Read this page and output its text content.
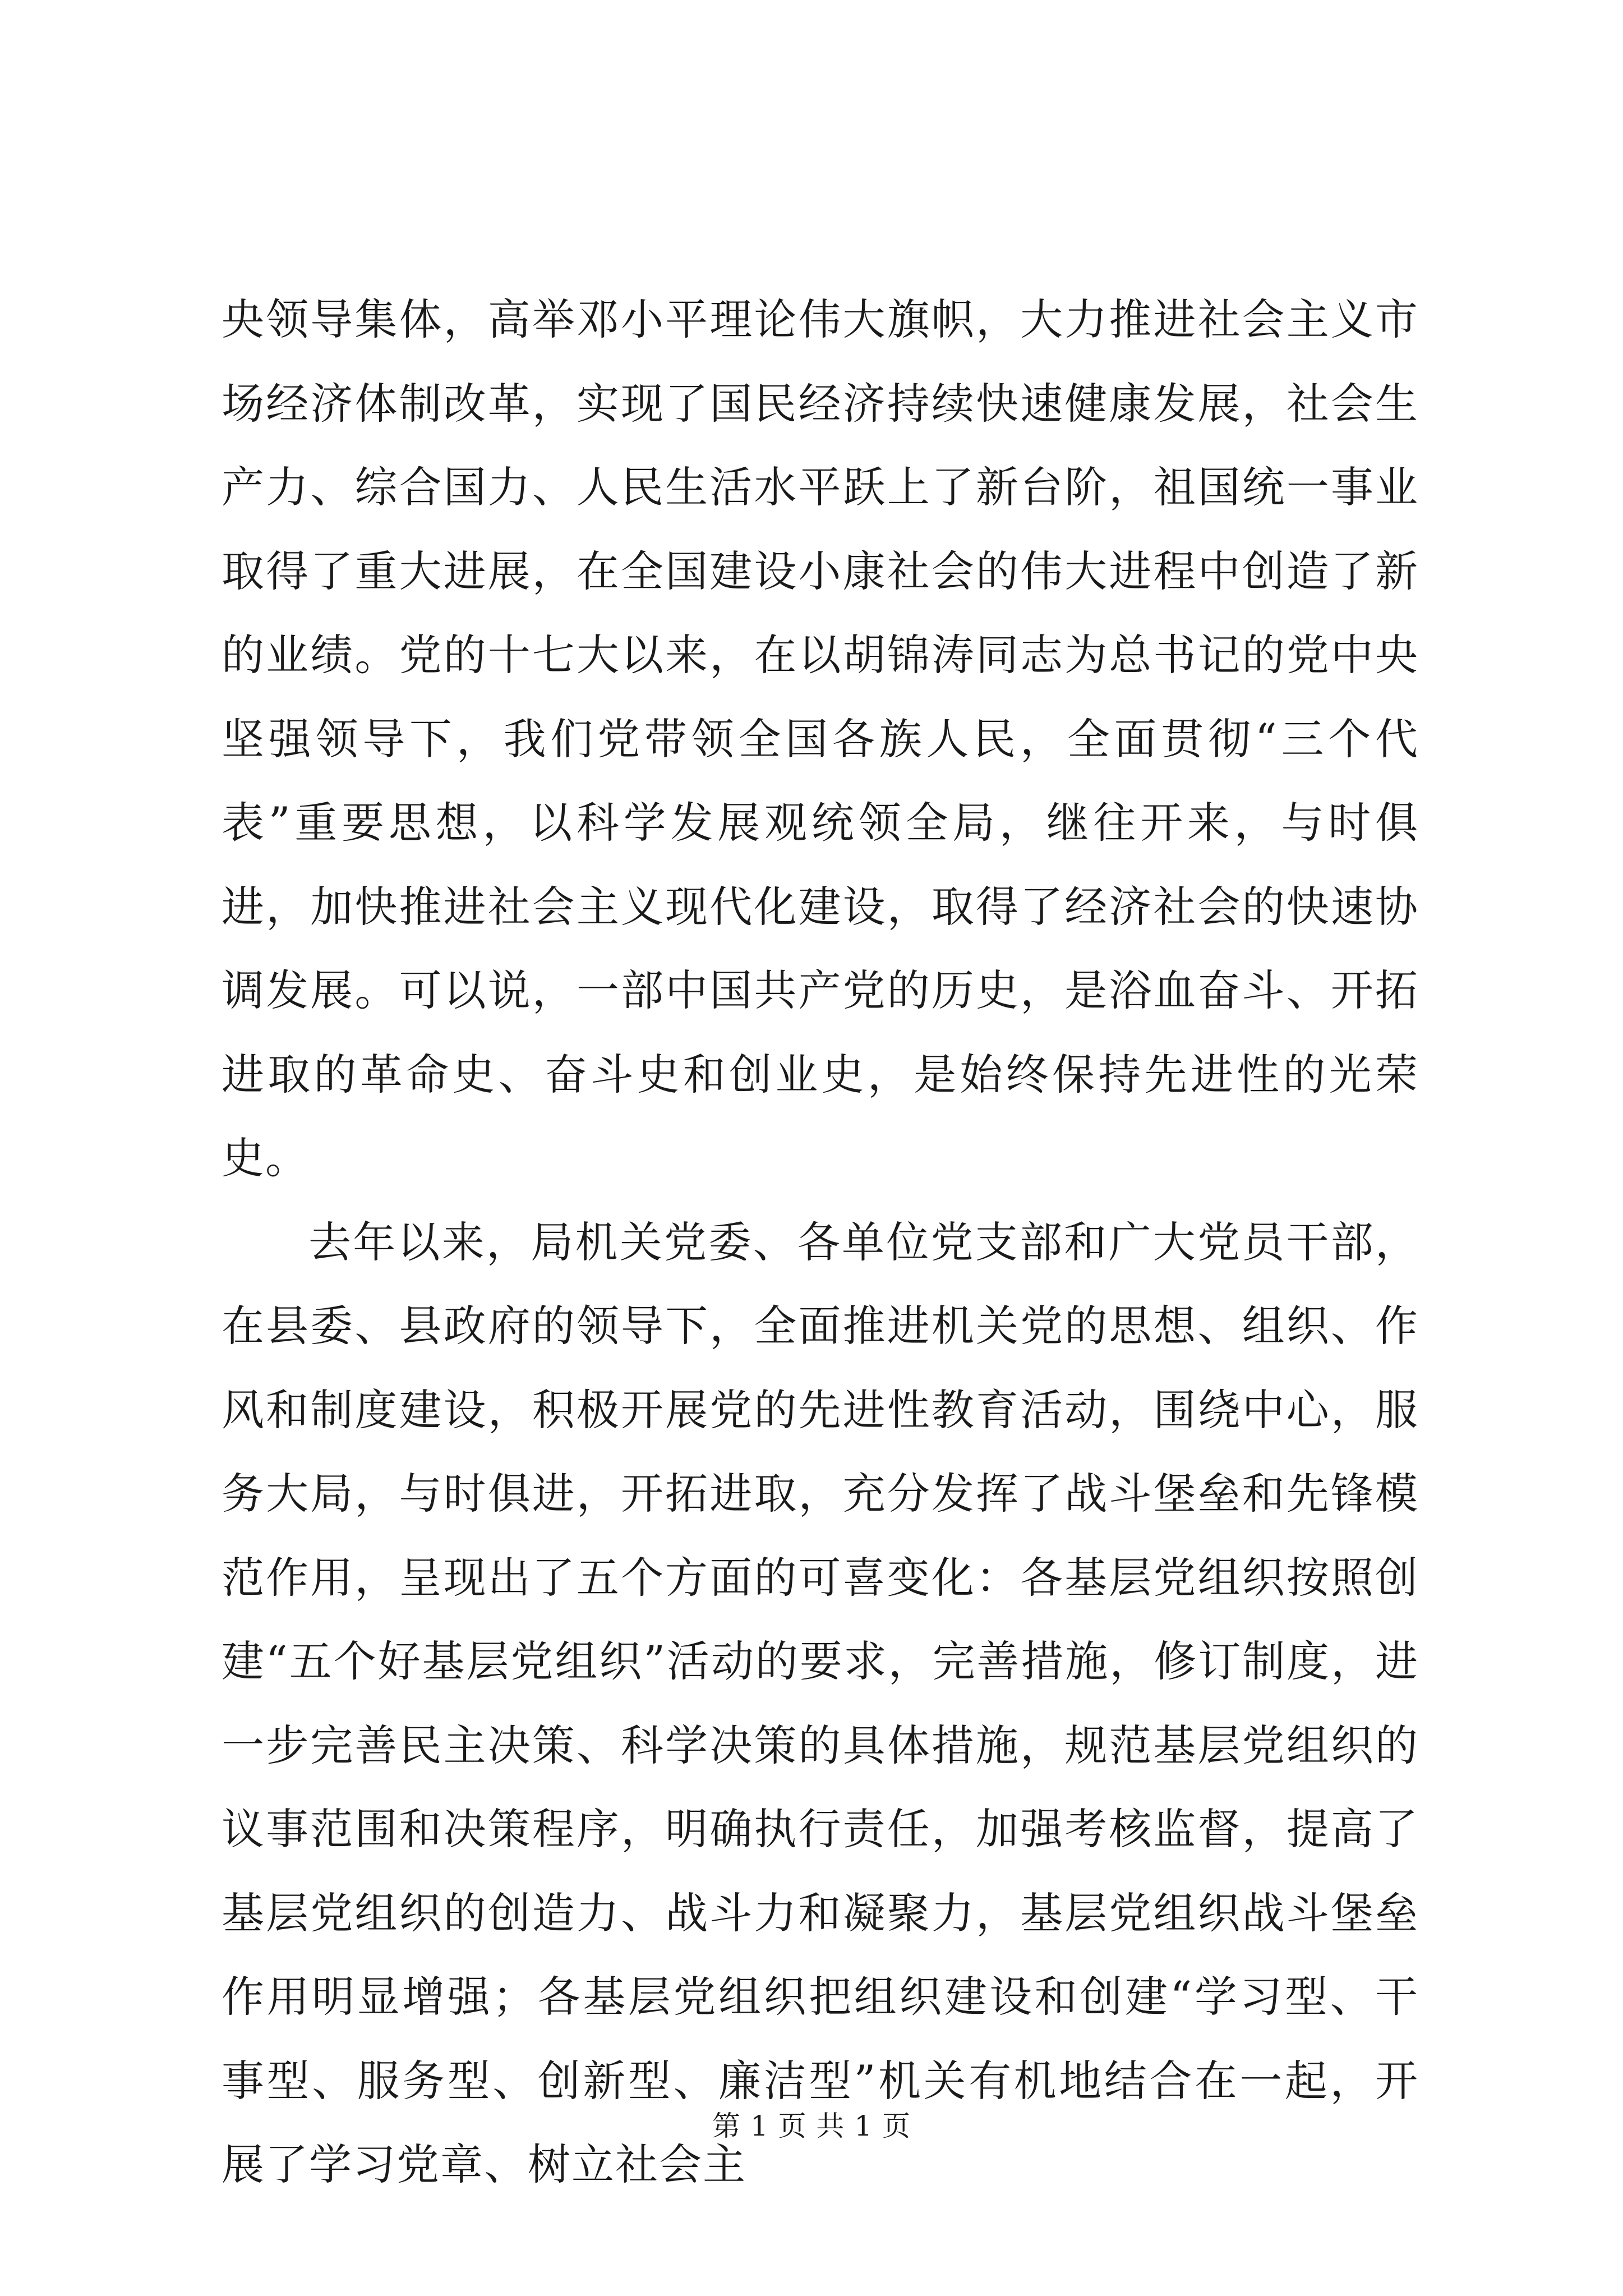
央领导集体，高举邓小平理论伟大旗帜，大力推进社会主义市场经济体制改革，实现了国民经济持续快速健康发展，社会生产力、综合国力、人民生活水平跃上了新台阶，祖国统一事业取得了重大进展，在全国建设小康社会的伟大进程中创造了新的业绩。党的十七大以来，在以胡锦涛同志为总书记的党中央坚强领导下，我们党带领全国各族人民，全面贯彻“三个代表”重要思想，以科学发展观统领全局，继往开来，与时俱进，加快推进社会主义现代化建设，取得了经济社会的快速协调发展。可以说，一部中国共产党的历史，是浴血奋斗、开拓进取的革命史、奋斗史和创业史，是始终保持先进性的光荣史。

去年以来，局机关党委、各单位党支部和广大党员干部，在县委、县政府的领导下，全面推进机关党的思想、组织、作风和制度建设，积极开展党的先进性教育活动，围绕中心，服务大局，与时俱进，开拓进取，充分发挥了战斗堡垒和先锋模范作用，呈现出了五个方面的可喜变化：各基层党组织按照创建“五个好基层党组织”活动的要求，完善措施，修订制度，进一步完善民主决策、科学决策的具体措施，规范基层党组织的议事范围和决策程序，明确执行责任，加强考核监督，提高了基层党组织的创造力、战斗力和凝聚力，基层党组织战斗堡垒作用明显增强；各基层党组织把组织建设和创建“学习型、干事型、服务型、创新型、廉洁型”机关有机地结合在一起，开展了学习党章、树立社会主

第 1 页 共 1 页
